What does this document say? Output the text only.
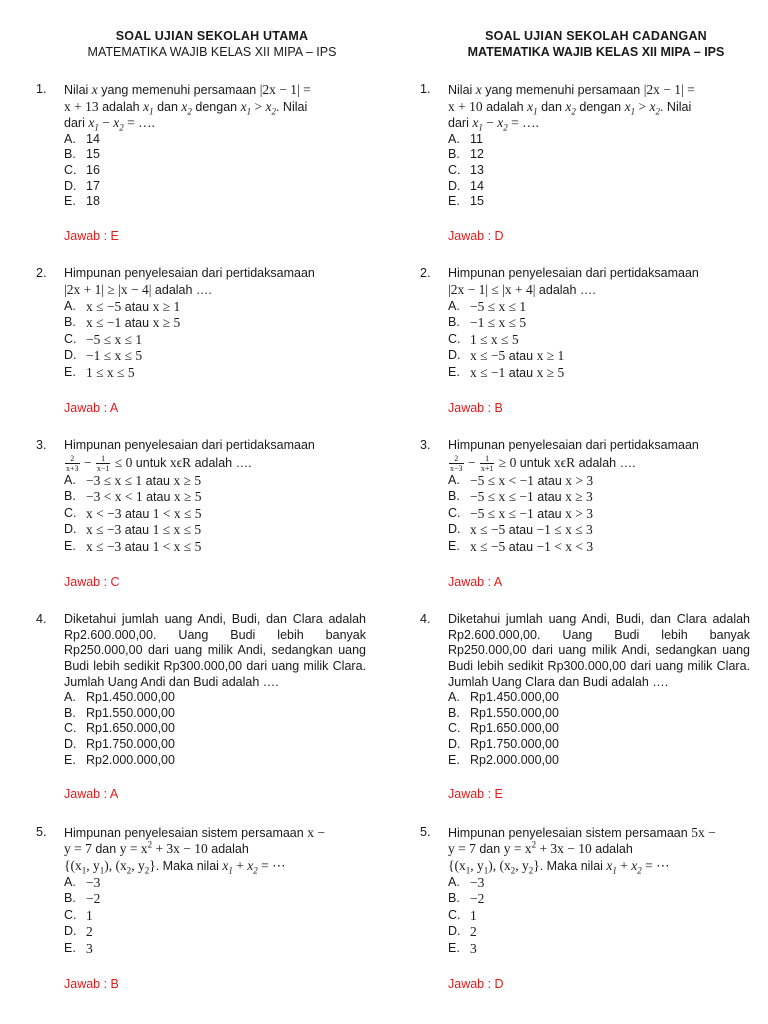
SOAL UJIAN SEKOLAH UTAMA
MATEMATIKA WAJIB KELAS XII MIPA – IPS
1. Nilai x yang memenuhi persamaan |2x − 1| =
x + 13 adalah $x_1$ dan $x_2$ dengan $x_1 > x_2$. Nilai
dari $x_1 - x_2$ = ….
A. 14
B. 15
C. 16
D. 17
E. 18
Jawab : E
2. Himpunan penyelesaian dari pertidaksamaan
|2x + 1| ≥ |x − 4| adalah ….
A. x ≤ −5 atau x ≥ 1
B. x ≤ −1 atau x ≥ 5
C. −5 ≤ x ≤ 1
D. −1 ≤ x ≤ 5
E. 1 ≤ x ≤ 5
Jawab : A
3. Himpunan penyelesaian dari pertidaksamaan

$\frac{2}{x+3} - \frac{1}{x-1} \le 0$ untuk xϵR adalah ….
A. −3 ≤ x ≤ 1 atau x ≥ 5
B. −3 < x < 1 atau x ≥ 5
C. x < −3 atau 1 < x ≤ 5
D. x ≤ −3 atau 1 ≤ x ≤ 5
E. x ≤ −3 atau 1 < x ≤ 5
Jawab : C
4. Diketahui jumlah uang Andi, Budi, dan Clara adalah Rp2.600.000,00. Uang Budi lebih banyak Rp250.000,00 dari uang milik Andi, sedangkan uang Budi lebih sedikit Rp300.000,00 dari uang milik Clara. Jumlah Uang Andi dan Budi adalah ….
A. Rp1.450.000,00
B. Rp1.550.000,00
C. Rp1.650.000,00
D. Rp1.750.000,00
E. Rp2.000.000,00
Jawab : A
5. Himpunan penyelesaian sistem persamaan x −
y = 7 dan $y = x^2 + 3x - 10$ adalah
{($x_1$, $y_1$), ($x_2$, $y_2$}. Maka nilai $x_1 + x_2$ = ⋯
A. −3
B. −2
C. 1
D. 2
E. 3
Jawab : B
SOAL UJIAN SEKOLAH CADANGAN
MATEMATIKA WAJIB KELAS XII MIPA – IPS
1. Nilai x yang memenuhi persamaan |2x − 1| =
x + 10 adalah $x_1$ dan $x_2$ dengan $x_1 > x_2$. Nilai
dari $x_1 - x_2$ = ….
A. 11
B. 12
C. 13
D. 14
E. 15
Jawab : D
2. Himpunan penyelesaian dari pertidaksamaan
|2x − 1| ≤ |x + 4| adalah ….
A. −5 ≤ x ≤ 1
B. −1 ≤ x ≤ 5
C. 1 ≤ x ≤ 5
D. x ≤ −5 atau x ≥ 1
E. x ≤ −1 atau x ≥ 5
Jawab : B
3. Himpunan penyelesaian dari pertidaksamaan

$\frac{2}{x-3} - \frac{1}{x+1} \ge 0$ untuk xϵR adalah ….
A. −5 ≤ x < −1 atau x > 3
B. −5 ≤ x ≤ −1 atau x ≥ 3
C. −5 ≤ x ≤ −1 atau x > 3
D. x ≤ −5 atau −1 ≤ x ≤ 3
E. x ≤ −5 atau −1 < x < 3
Jawab : A
4. Diketahui jumlah uang Andi, Budi, dan Clara adalah Rp2.600.000,00. Uang Budi lebih banyak Rp250.000,00 dari uang milik Andi, sedangkan uang Budi lebih sedikit Rp300.000,00 dari uang milik Clara. Jumlah Uang Clara dan Budi adalah ….
A. Rp1.450.000,00
B. Rp1.550.000,00
C. Rp1.650.000,00
D. Rp1.750.000,00
E. Rp2.000.000,00
Jawab : E
5. Himpunan penyelesaian sistem persamaan 5x −
y = 7 dan $y = x^2 + 3x - 10$ adalah
{($x_1$, $y_1$), ($x_2$, $y_2$}. Maka nilai $x_1 + x_2$ = ⋯
A. −3
B. −2
C. 1
D. 2
E. 3
Jawab : D
